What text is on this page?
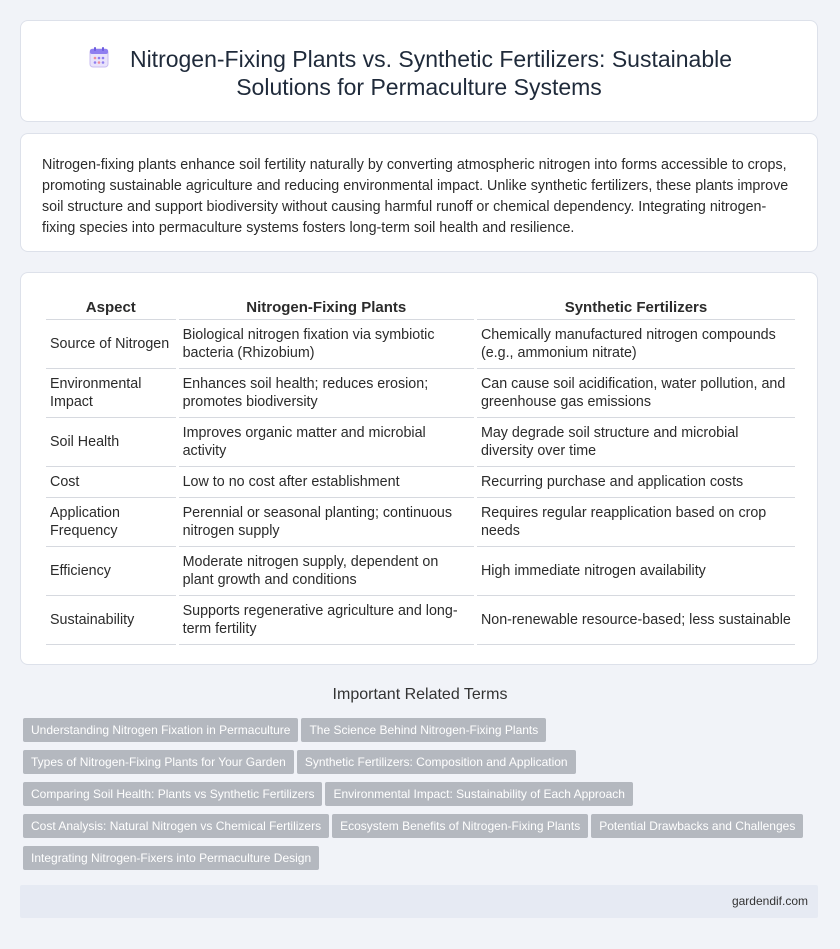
Nitrogen-Fixing Plants vs. Synthetic Fertilizers: Sustainable
Solutions for Permaculture Systems
Nitrogen-fixing plants enhance soil fertility naturally by converting atmospheric nitrogen into forms accessible to crops, promoting sustainable agriculture and reducing environmental impact. Unlike synthetic fertilizers, these plants improve soil structure and support biodiversity without causing harmful runoff or chemical dependency. Integrating nitrogen-fixing species into permaculture systems fosters long-term soil health and resilience.
Aspect	Nitrogen-Fixing Plants	Synthetic Fertilizers
Source of Nitrogen	Biological nitrogen fixation via symbiotic bacteria (Rhizobium)	Chemically manufactured nitrogen compounds (e.g., ammonium nitrate)
Environmental Impact	Enhances soil health; reduces erosion; promotes biodiversity	Can cause soil acidification, water pollution, and greenhouse gas emissions
Soil Health	Improves organic matter and microbial activity	May degrade soil structure and microbial diversity over time
Cost	Low to no cost after establishment	Recurring purchase and application costs
Application Frequency	Perennial or seasonal planting; continuous nitrogen supply	Requires regular reapplication based on crop needs
Efficiency	Moderate nitrogen supply, dependent on plant growth and conditions	High immediate nitrogen availability
Sustainability	Supports regenerative agriculture and long-term fertility	Non-renewable resource-based; less sustainable
Important Related Terms
Understanding Nitrogen Fixation in Permaculture The Science Behind Nitrogen-Fixing Plants
Types of Nitrogen-Fixing Plants for Your Garden Synthetic Fertilizers: Composition and Application
Comparing Soil Health: Plants vs Synthetic Fertilizers Environmental Impact: Sustainability of Each Approach
Cost Analysis: Natural Nitrogen vs Chemical Fertilizers Ecosystem Benefits of Nitrogen-Fixing Plants Potential Drawbacks and Challenges
Integrating Nitrogen-Fixers into Permaculture Design
gardendif.com
